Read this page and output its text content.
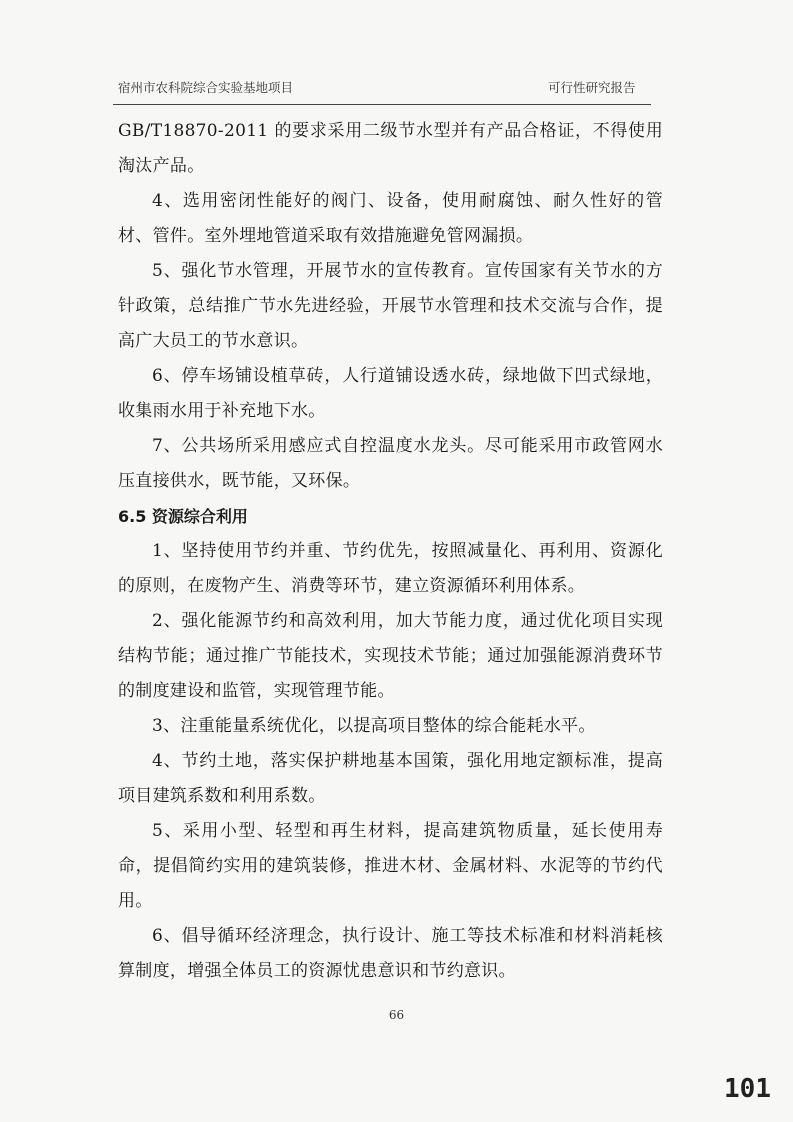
宿州市农科院综合实验基地项目	可行性研究报告

GB/T18870-2011 的要求采用二级节水型并有产品合格证，不得使用淘汰产品。

4、选用密闭性能好的阀门、设备，使用耐腐蚀、耐久性好的管材、管件。室外埋地管道采取有效措施避免管网漏损。

5、强化节水管理，开展节水的宣传教育。宣传国家有关节水的方针政策，总结推广节水先进经验，开展节水管理和技术交流与合作，提高广大员工的节水意识。

6、停车场铺设植草砖，人行道铺设透水砖，绿地做下凹式绿地，收集雨水用于补充地下水。

7、公共场所采用感应式自控温度水龙头。尽可能采用市政管网水压直接供水，既节能，又环保。

6.5 资源综合利用

1、坚持使用节约并重、节约优先，按照减量化、再利用、资源化的原则，在废物产生、消费等环节，建立资源循环利用体系。

2、强化能源节约和高效利用，加大节能力度，通过优化项目实现结构节能；通过推广节能技术，实现技术节能；通过加强能源消费环节的制度建设和监管，实现管理节能。

3、注重能量系统优化，以提高项目整体的综合能耗水平。

4、节约土地，落实保护耕地基本国策，强化用地定额标准，提高项目建筑系数和利用系数。

5、采用小型、轻型和再生材料，提高建筑物质量，延长使用寿命，提倡简约实用的建筑装修，推进木材、金属材料、水泥等的节约代用。

6、倡导循环经济理念，执行设计、施工等技术标准和材料消耗核算制度，增强全体员工的资源忧患意识和节约意识。

66
101
